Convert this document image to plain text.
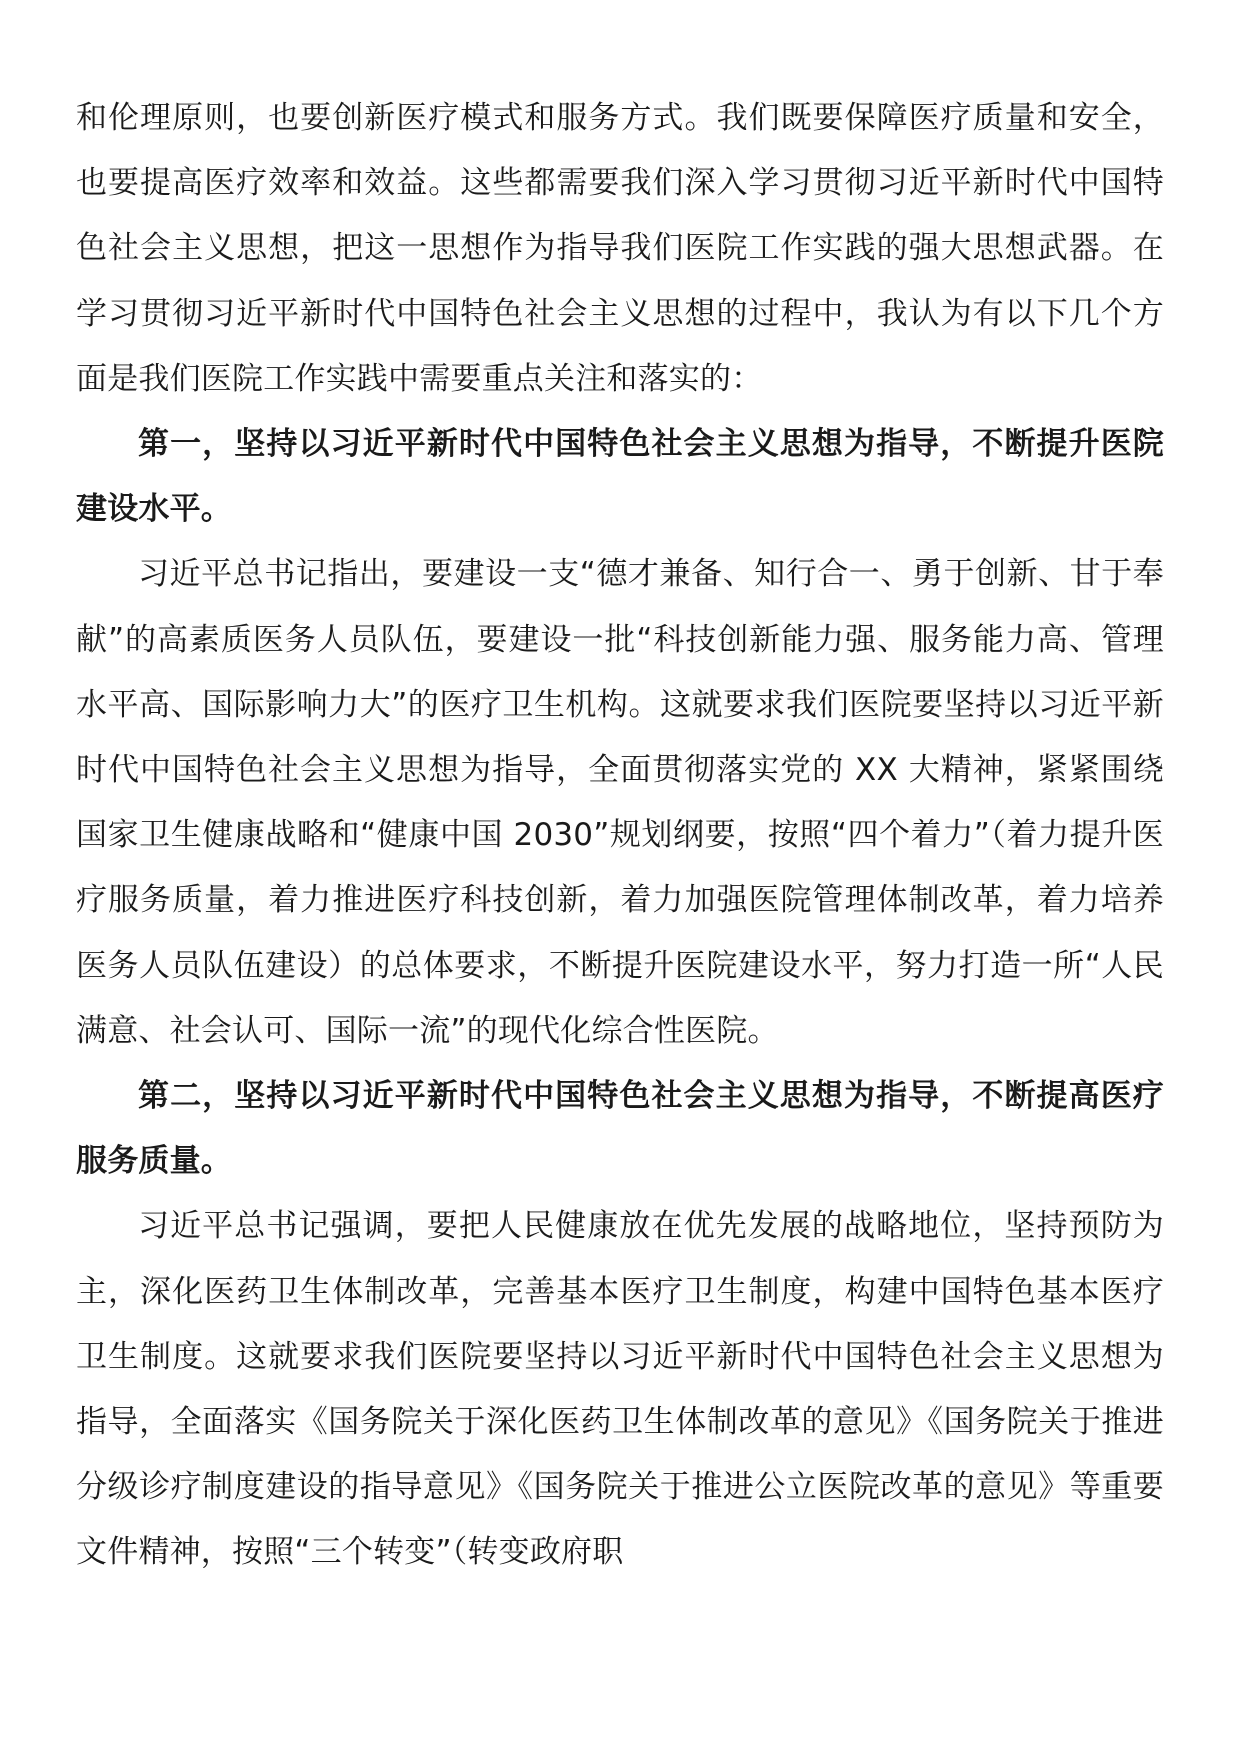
和伦理原则，也要创新医疗模式和服务方式。我们既要保障医疗质量和安全，也要提高医疗效率和效益。这些都需要我们深入学习贯彻习近平新时代中国特色社会主义思想，把这一思想作为指导我们医院工作实践的强大思想武器。在学习贯彻习近平新时代中国特色社会主义思想的过程中，我认为有以下几个方面是我们医院工作实践中需要重点关注和落实的：

第一，坚持以习近平新时代中国特色社会主义思想为指导，不断提升医院建设水平。

习近平总书记指出，要建设一支“德才兼备、知行合一、勇于创新、甘于奉献”的高素质医务人员队伍，要建设一批“科技创新能力强、服务能力高、管理水平高、国际影响力大”的医疗卫生机构。这就要求我们医院要坚持以习近平新时代中国特色社会主义思想为指导，全面贯彻落实党的 XX 大精神，紧紧围绕国家卫生健康战略和“健康中国 2030”规划纲要，按照“四个着力”（着力提升医疗服务质量，着力推进医疗科技创新，着力加强医院管理体制改革，着力培养医务人员队伍建设）的总体要求，不断提升医院建设水平，努力打造一所“人民满意、社会认可、国际一流”的现代化综合性医院。

第二，坚持以习近平新时代中国特色社会主义思想为指导，不断提高医疗服务质量。

习近平总书记强调，要把人民健康放在优先发展的战略地位，坚持预防为主，深化医药卫生体制改革，完善基本医疗卫生制度，构建中国特色基本医疗卫生制度。这就要求我们医院要坚持以习近平新时代中国特色社会主义思想为指导，全面落实《国务院关于深化医药卫生体制改革的意见》《国务院关于推进分级诊疗制度建设的指导意见》《国务院关于推进公立医院改革的意见》等重要文件精神，按照“三个转变”（转变政府职
